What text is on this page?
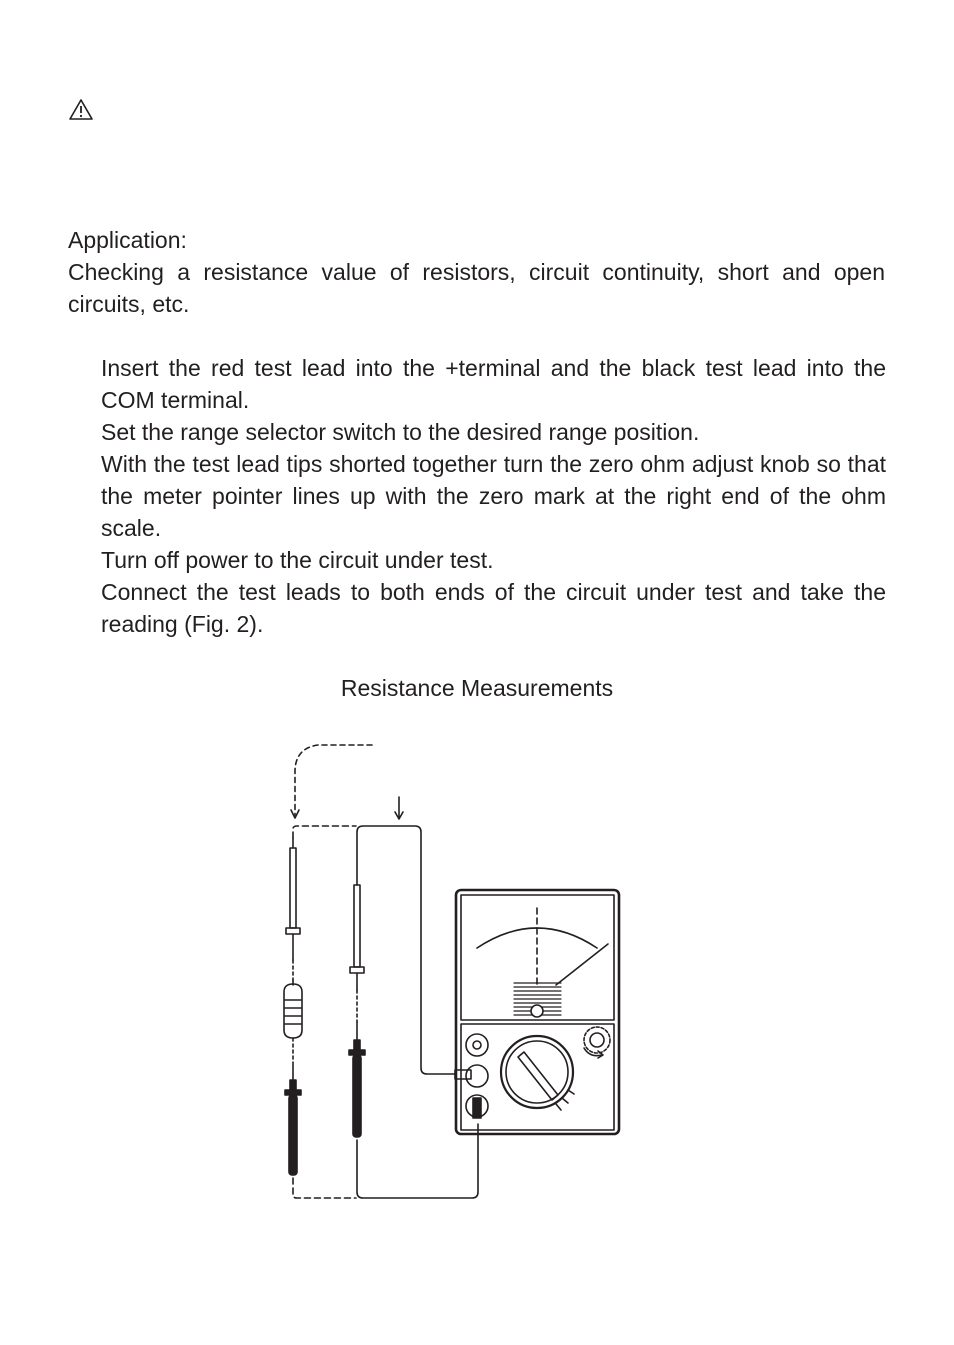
Application:
Checking a resistance value of resistors, circuit continuity, short and open circuits, etc.
Insert the red test lead into the +terminal and the black test lead into the COM terminal.
Set the range selector switch to the desired range position.
With the test lead tips shorted together turn the zero ohm adjust knob so that the meter pointer lines up with the zero mark at the right end of the ohm scale.
Turn off power to the circuit under test.
Connect the test leads to both ends of the circuit under test and take the reading (Fig. 2).
Resistance Measurements
